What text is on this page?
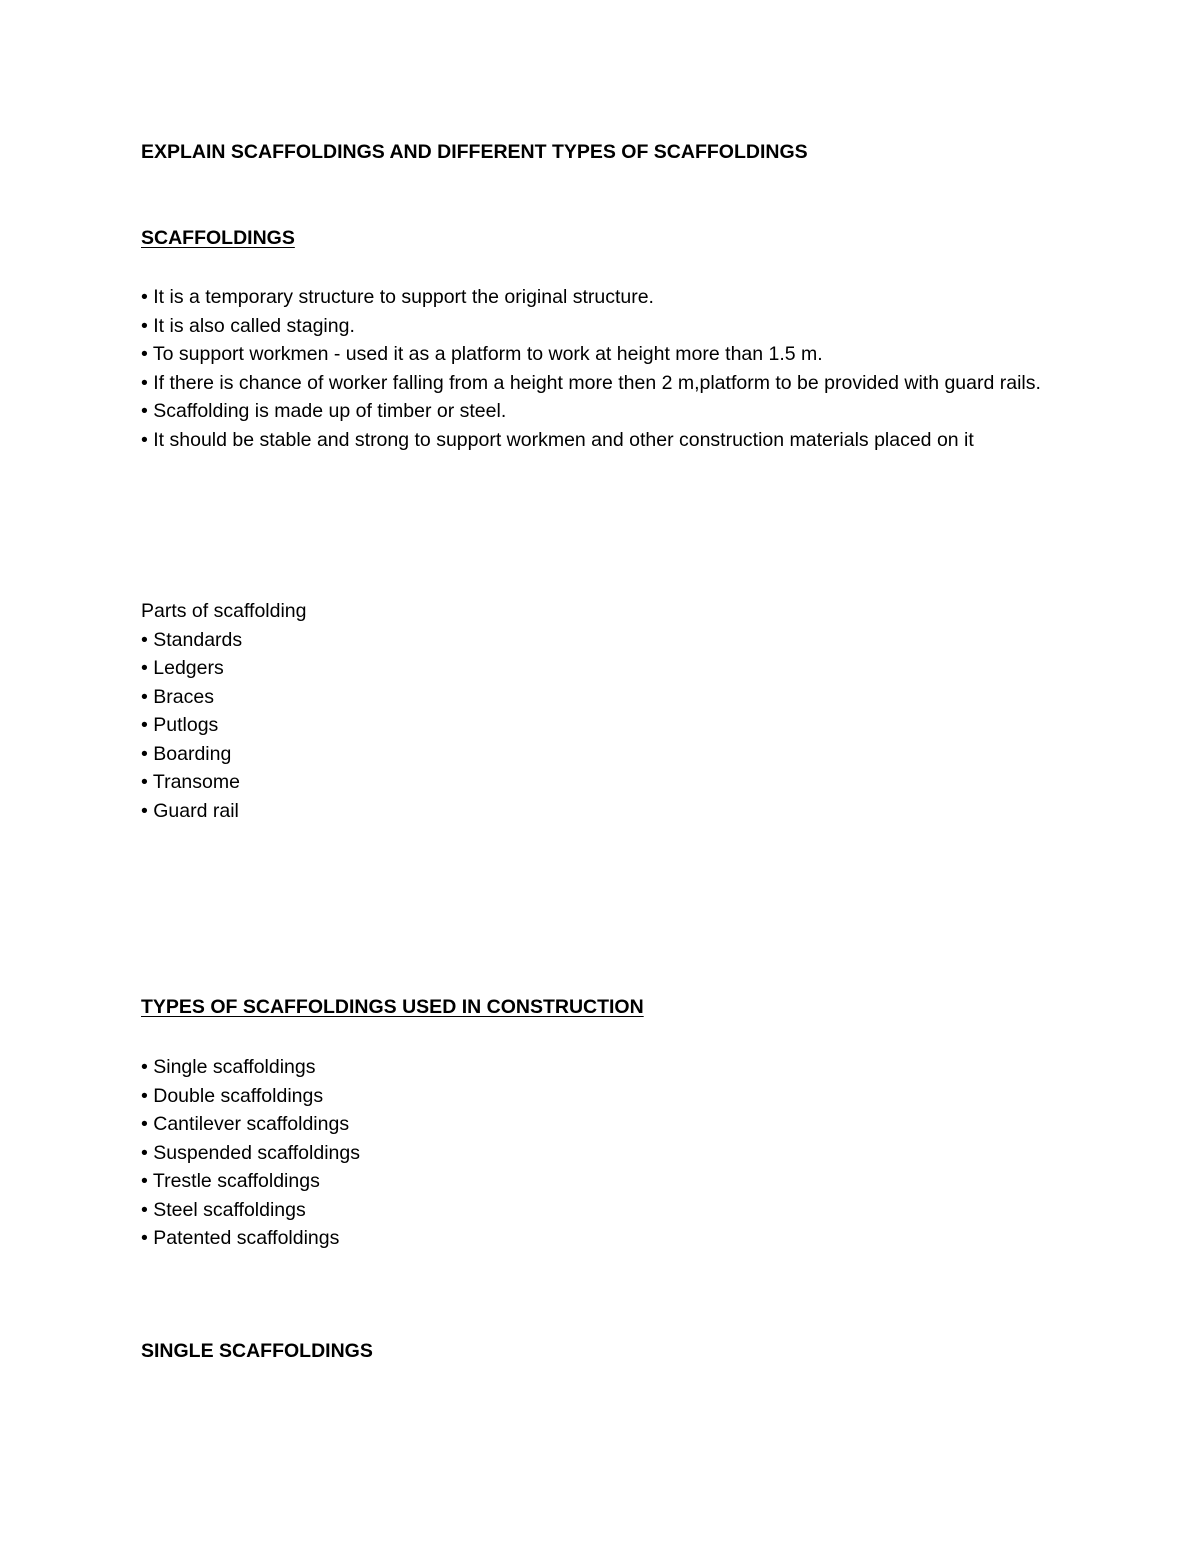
EXPLAIN SCAFFOLDINGS AND DIFFERENT TYPES OF SCAFFOLDINGS
SCAFFOLDINGS
• It is a temporary structure to support the original structure.
• It is also called staging.
• To support workmen - used it as a platform to work at height more than 1.5 m.
• If there is chance of worker falling from a height more then 2 m,platform to be provided with guard rails.
• Scaffolding is made up of timber or steel.
• It should be stable and strong to support workmen and other construction materials placed on it
Parts of scaffolding
• Standards
• Ledgers
• Braces
• Putlogs
• Boarding
• Transome
• Guard rail
TYPES OF SCAFFOLDINGS USED IN CONSTRUCTION
• Single scaffoldings
• Double scaffoldings
• Cantilever scaffoldings
• Suspended scaffoldings
• Trestle scaffoldings
• Steel scaffoldings
• Patented scaffoldings
SINGLE SCAFFOLDINGS
